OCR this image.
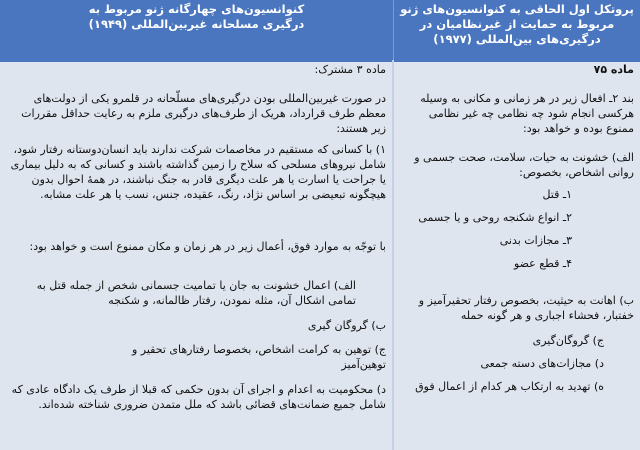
پروتکل اول الحاقی به کنوانسیون‌های ژنو مربوط به حمایت از غیرنظامیان در درگیری‌های بین‌المللی (۱۹۷۷)
کنوانسیون‌های چهارگانه ژنو مربوط به درگیری مسلحانه غیربین‌المللی (۱۹۴۹)
ماده ۷۵
بند ۲ـ افعال زیر در هر زمانی و مکانی به وسیله هرکسی انجام شود چه نظامی چه غیر نظامی ممنوع بوده و خواهد بود:
الف) خشونت به حیات، سلامت، صحت جسمی و روانی اشخاص، بخصوص:
۱ـ قتل
۲ـ انواع شکنجه روحی و یا جسمی
۳ـ مجازات بدنی
۴ـ قطع عضو
ب) اهانت به حیثیت، بخصوص رفتار تحقیرآمیز و خفتبار، فحشاء اجباری و هر گونه حمله
ج) گروگان‌گیری
د) مجازات‌های دسته جمعی
ه) تهدید به ارتکاب هر کدام از اعمال فوق
ماده ۳ مشترک:
در صورت غیربین‌المللی بودن درگیری‌های مسلّحانه در قلمرو یکی از دولت‌های معظم طرف قرارداد، هریک از طرف‌های درگیری ملزم به رعایت حداقل مقررات زیر هستند:
۱) با کسانی که مستقیم در مخاصمات شرکت ندارند باید انسان‌دوستانه رفتار شود، شامل نیروهای مسلحی که سلاح را زمین گذاشته باشند و کسانی که به دلیل بیماری یا جراحت یا اسارت یا هر علت دیگری قادر به جنگ نباشند، در همهٔ احوال بدون هیچگونه تبعیضی بر اساس نژاد، رنگ، عقیده، جنس، نسب یا هر علت مشابه.
با توجّه به موارد فوق، أعمال زیر در هر زمان و مکان ممنوع است و خواهد بود:
الف) اعمال خشونت به جان یا تمامیت جسمانی شخص از جمله قتل به تمامی اشکال آن، مثله نمودن، رفتار ظالمانه، و شکنجه
ب) گروگان گیری
ج) توهین به کرامت اشخاص، بخصوصا رفتارهای تحقیر و توهین‌آمیز
د) محکومیت به اعدام و اجرای آن بدون حکمی که قبلا از طرف یک دادگاه عادی که شامل جمیع ضمانت‌های قضائی باشد که ملل متمدن ضروری شناخته شده‌اند.
